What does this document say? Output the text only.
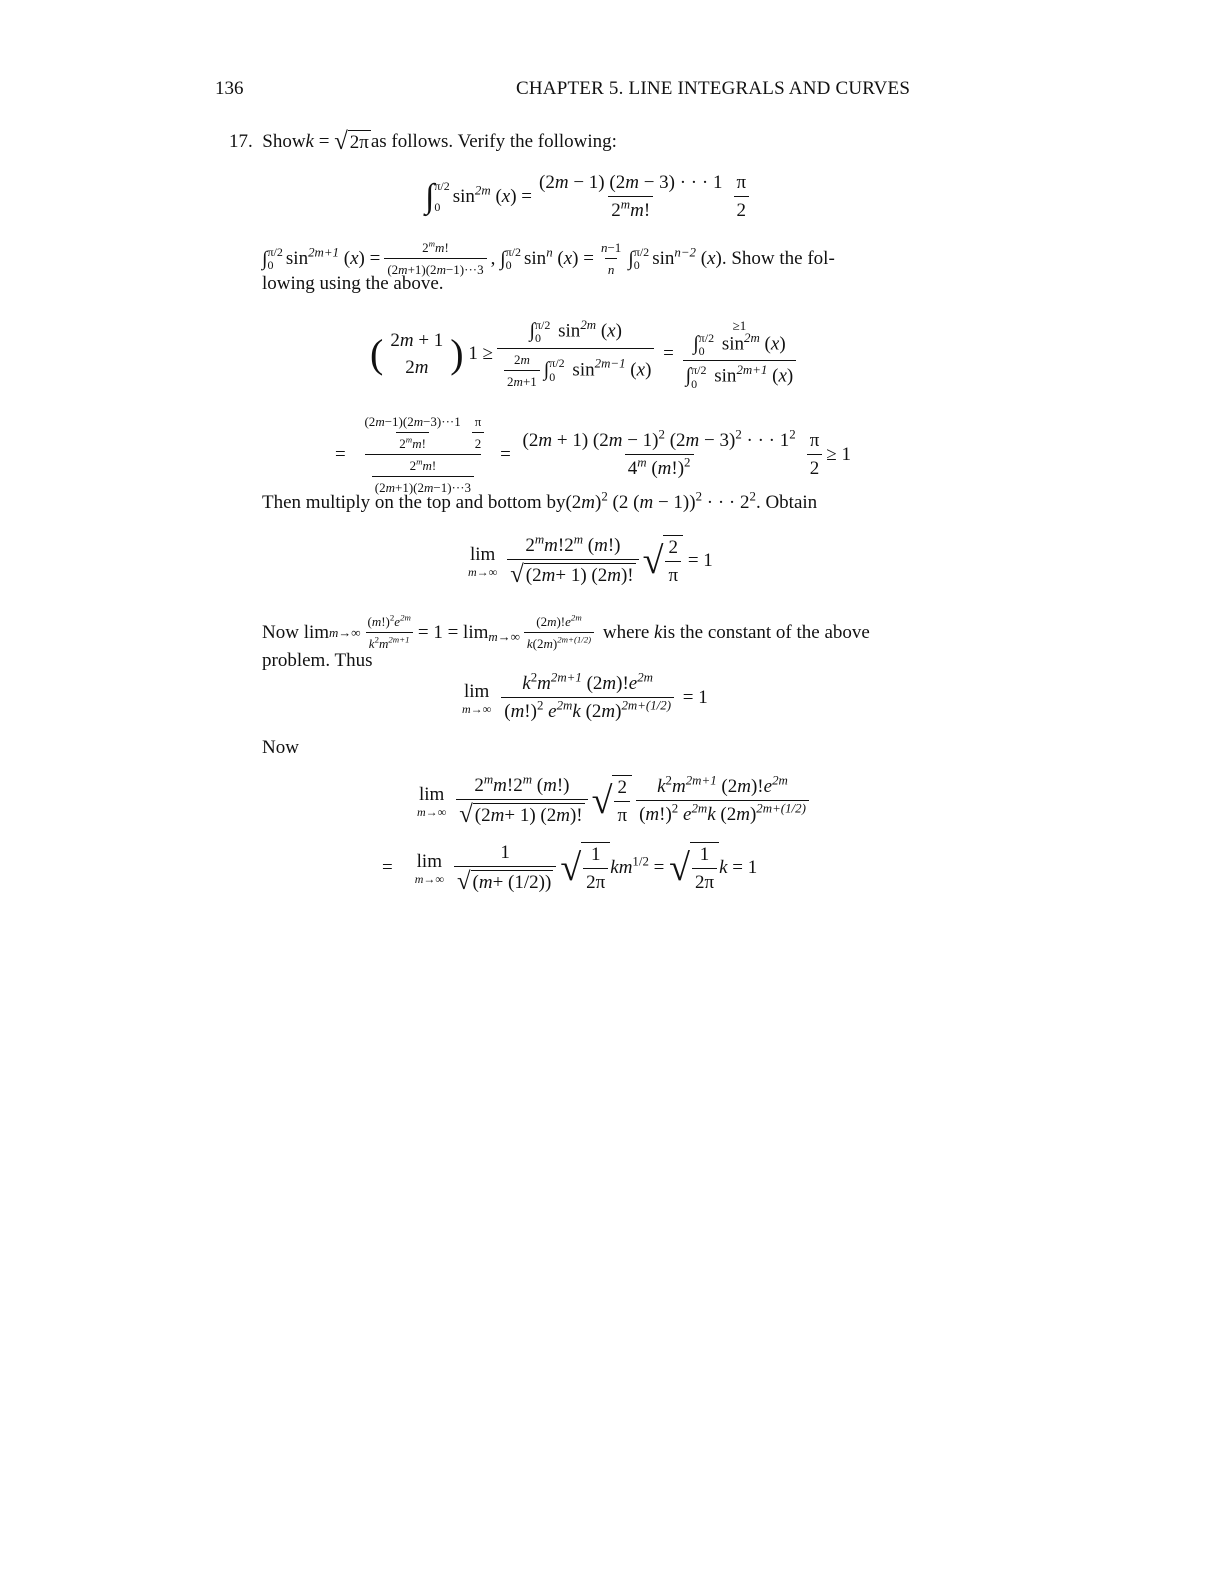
136	CHAPTER 5. LINE INTEGRALS AND CURVES
17.
Show k = √ 2π as follows. Verify the following:
∫ π/2
0 $\sin^{2m} (x) = \frac{(2m - 1) (2m - 3) \cdot \cdot \cdot 1}{2^mm!} \frac{\pi}{2}$
∫ π/2
0 $\sin^{2m+1} (x) = \frac{2^mm!}{(2m+1)(2m-1)\cdot\cdot\cdot 3}$ , ∫ π/2
0 $\sin^n (x) = \frac{n-1}{n}$ ∫ π/2
0 $\sin^{n-2} (x)$ . Show the fol-
lowing using the above.
( 2m + 1
2m ) 1 ≥ ∫ π/2
0 $\sin^{2m} (x)$
$\frac{2m}{2m+1}$ ∫ π/2
0 $\sin^{2m-1} (x)$ =
≥1
∫ π/2
0 $\sin^{2m} (x)$
∫ π/2
0 $\sin^{2m+1} (x)$
= $\frac{\frac{(2m-1)(2m-3)\cdot\cdot\cdot 1}{2^mm!} \frac{\pi}{2}}{\frac{2^mm!}{(2m+1)(2m-1)\cdot\cdot\cdot 3}} = \frac{(2m + 1) (2m - 1)^2 (2m - 3)^2 \cdot \cdot \cdot 1^2}{4^m (m!)^2} \frac{\pi}{2} \ge 1$
Then multiply on the top and bottom by $(2m)^2$ (2 (m − 1))$^2$ · · · $2^2$ . Obtain
lim
$m\to\infty \frac{2^mm!2^m (m!)}{√ (2 m + 1) (2 m )!}$ √ $\frac{2}{\pi} = 1$
Now $\lim m\to\infty \frac{(m!)^2e^{2m}}{k^2m^{2m+1}} = 1 = \lim_{m\to\infty} \frac{(2m)!e^{2m}}{k(2m)^{2m+(1/2)}}$
where
k is the constant of the above
problem. Thus
lim
$m\to\infty \frac{k^2m^{2m+1} (2m)!e^{2m}}{(m!)^2 e^{2m}k (2m)^{2m+(1/2)}} = 1$
Now
lim
$m\to\infty \frac{2^mm!2^m (m!)}{√ (2 m + 1) (2 m )!}$ √ $\frac{2}{\pi} \frac{k^2m^{2m+1} (2m)!e^{2m}}{(m!)^2 e^{2m}k (2m)^{2m+(1/2)}}$
= lim
$m\to\infty \frac{1}{√ ( m + (1/2))}$ √ $\frac{1}{2\pi} km^{1/2}$ =
√ $\frac{1}{2\pi}$ k = 1
